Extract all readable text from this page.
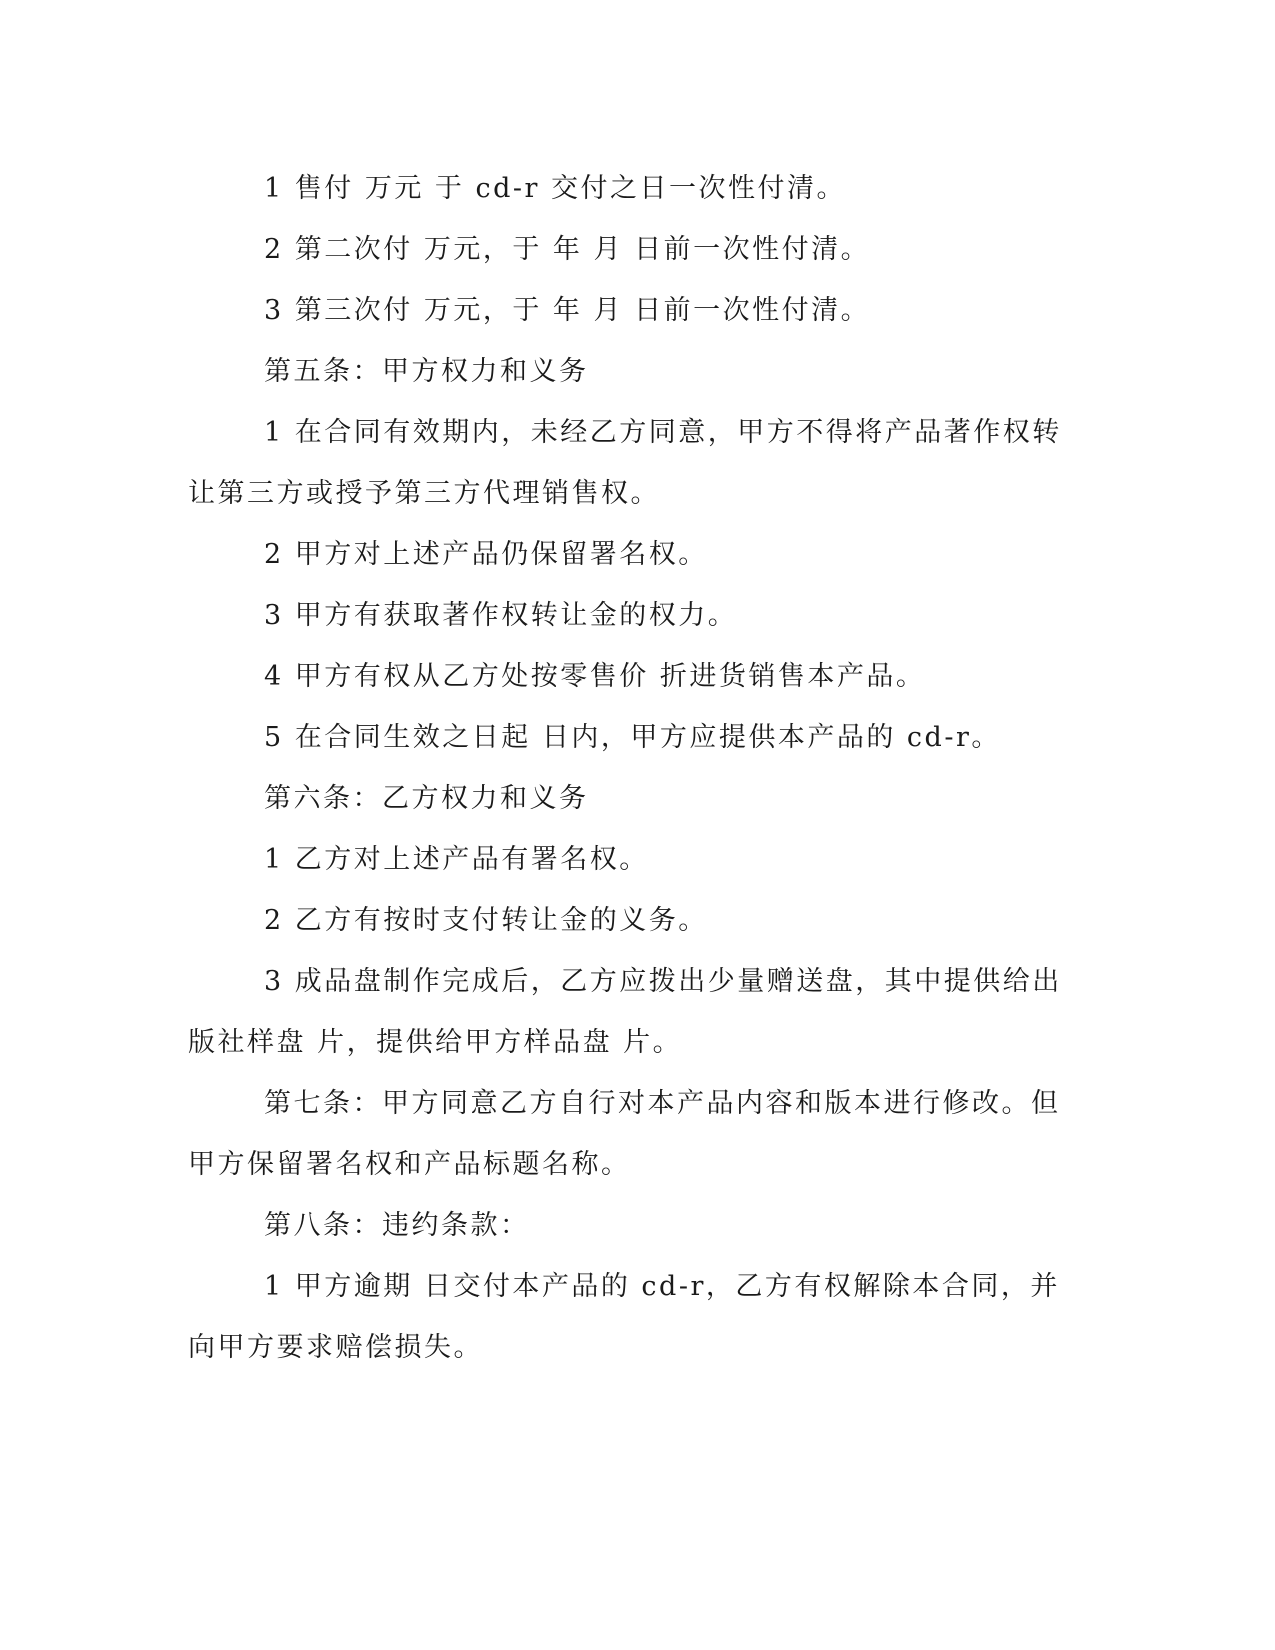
1 售付 万元 于 cd-r 交付之日一次性付清。

2 第二次付 万元，于 年 月 日前一次性付清。

3 第三次付 万元，于 年 月 日前一次性付清。

第五条：甲方权力和义务

1 在合同有效期内，未经乙方同意，甲方不得将产品著作权转让第三方或授予第三方代理销售权。

2 甲方对上述产品仍保留署名权。

3 甲方有获取著作权转让金的权力。

4 甲方有权从乙方处按零售价 折进货销售本产品。

5 在合同生效之日起 日内，甲方应提供本产品的 cd-r。

第六条：乙方权力和义务

1 乙方对上述产品有署名权。

2 乙方有按时支付转让金的义务。

3 成品盘制作完成后，乙方应拨出少量赠送盘，其中提供给出版社样盘 片，提供给甲方样品盘 片。

第七条：甲方同意乙方自行对本产品内容和版本进行修改。但甲方保留署名权和产品标题名称。

第八条：违约条款：

1 甲方逾期 日交付本产品的 cd-r，乙方有权解除本合同，并向甲方要求赔偿损失。
